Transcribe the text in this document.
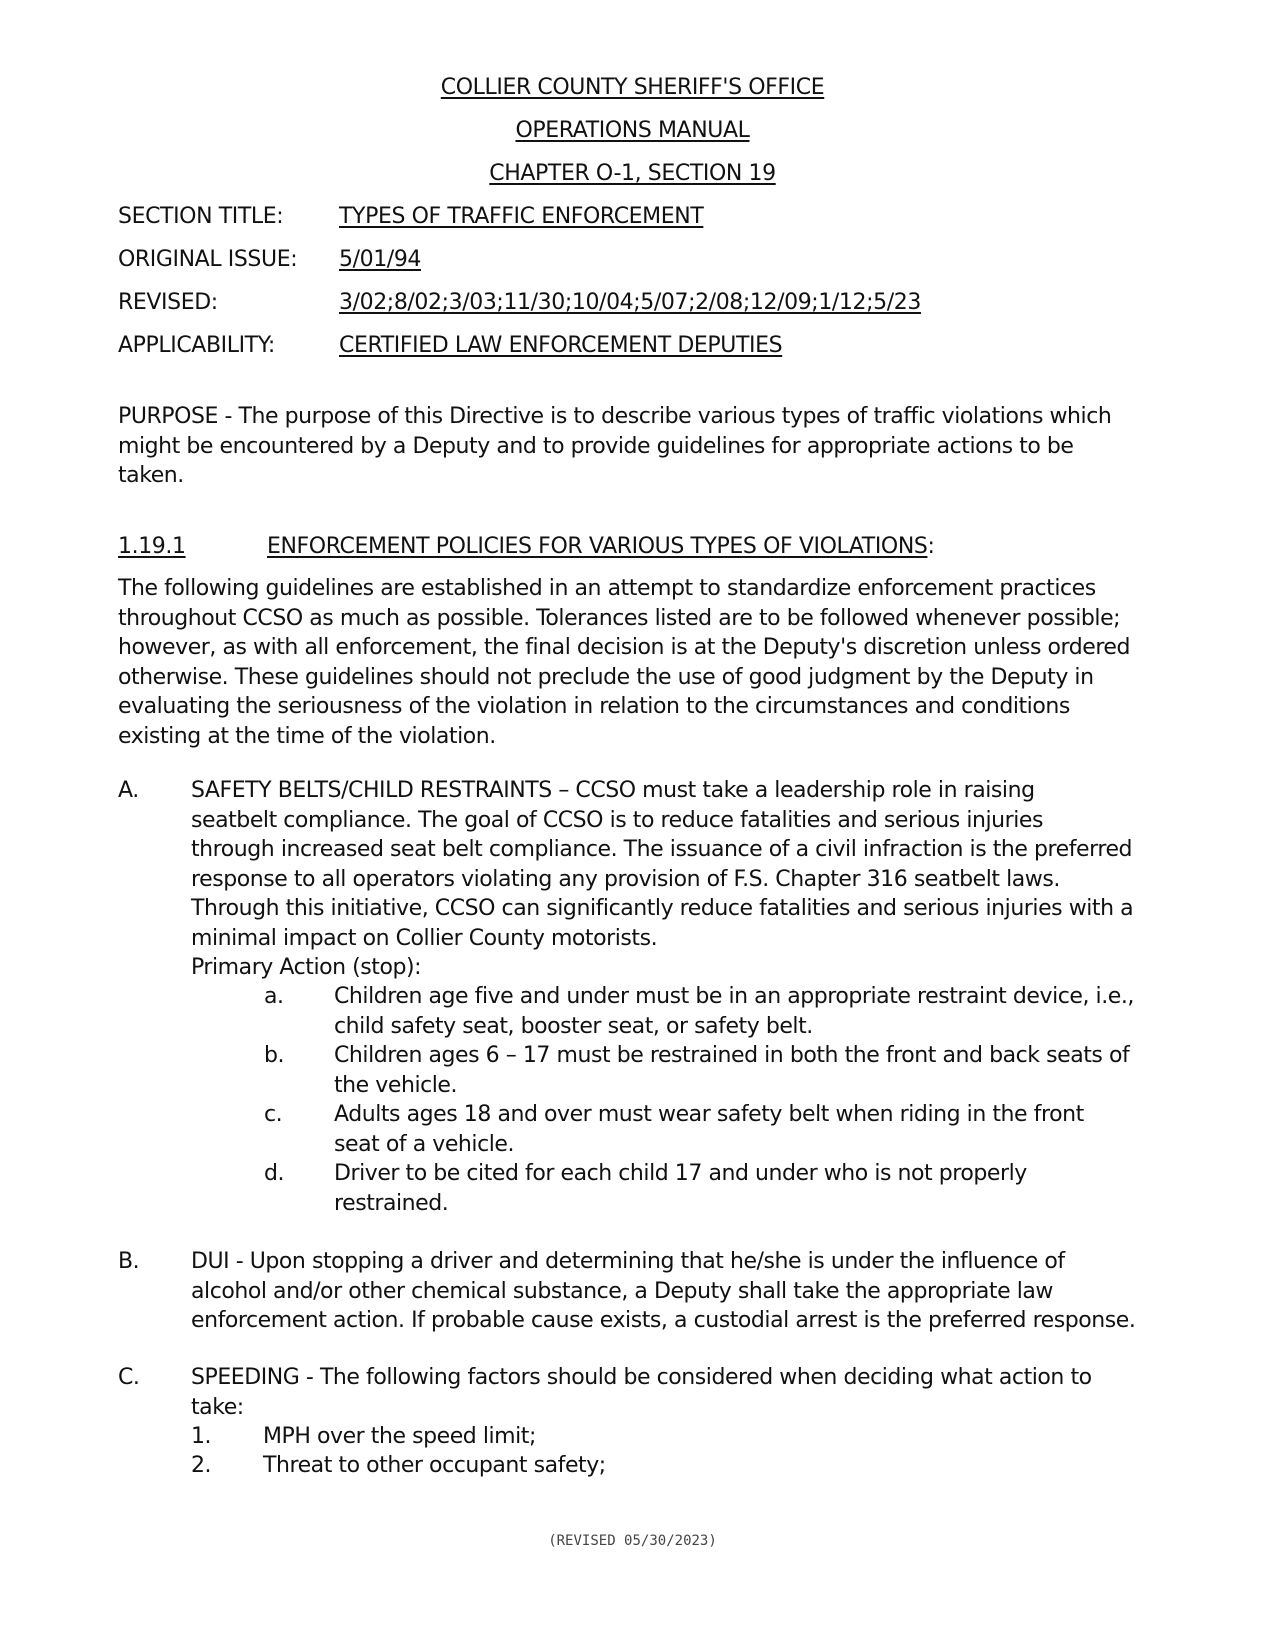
COLLIER COUNTY SHERIFF'S OFFICE
OPERATIONS MANUAL
CHAPTER O-1, SECTION 19
SECTION TITLE:	TYPES OF TRAFFIC ENFORCEMENT
ORIGINAL ISSUE: 5/01/94
REVISED:	3/02;8/02;3/03;11/30;10/04;5/07;2/08;12/09;1/12;5/23
APPLICABILITY:	CERTIFIED LAW ENFORCEMENT DEPUTIES
PURPOSE - The purpose of this Directive is to describe various types of traffic violations which
might be encountered by a Deputy and to provide guidelines for appropriate actions to be
taken.
1.19.1	ENFORCEMENT POLICIES FOR VARIOUS TYPES OF VIOLATIONS:
The following guidelines are established in an attempt to standardize enforcement practices
throughout CCSO as much as possible. Tolerances listed are to be followed whenever possible;
however, as with all enforcement, the final decision is at the Deputy's discretion unless ordered
otherwise. These guidelines should not preclude the use of good judgment by the Deputy in
evaluating the seriousness of the violation in relation to the circumstances and conditions
existing at the time of the violation.
A. SAFETY BELTS/CHILD RESTRAINTS – CCSO must take a leadership role in raising
seatbelt compliance. The goal of CCSO is to reduce fatalities and serious injuries
through increased seat belt compliance. The issuance of a civil infraction is the preferred
response to all operators violating any provision of F.S. Chapter 316 seatbelt laws.
Through this initiative, CCSO can significantly reduce fatalities and serious injuries with a
minimal impact on Collier County motorists.
Primary Action (stop):
a. Children age five and under must be in an appropriate restraint device, i.e.,
child safety seat, booster seat, or safety belt.
b. Children ages 6 – 17 must be restrained in both the front and back seats of
the vehicle.
c. Adults ages 18 and over must wear safety belt when riding in the front
seat of a vehicle.
d. Driver to be cited for each child 17 and under who is not properly
restrained.
B. DUI - Upon stopping a driver and determining that he/she is under the influence of
alcohol and/or other chemical substance, a Deputy shall take the appropriate law
enforcement action. If probable cause exists, a custodial arrest is the preferred response.
C. SPEEDING - The following factors should be considered when deciding what action to
take:
1. MPH over the speed limit;
2. Threat to other occupant safety;
(REVISED 05/30/2023)
